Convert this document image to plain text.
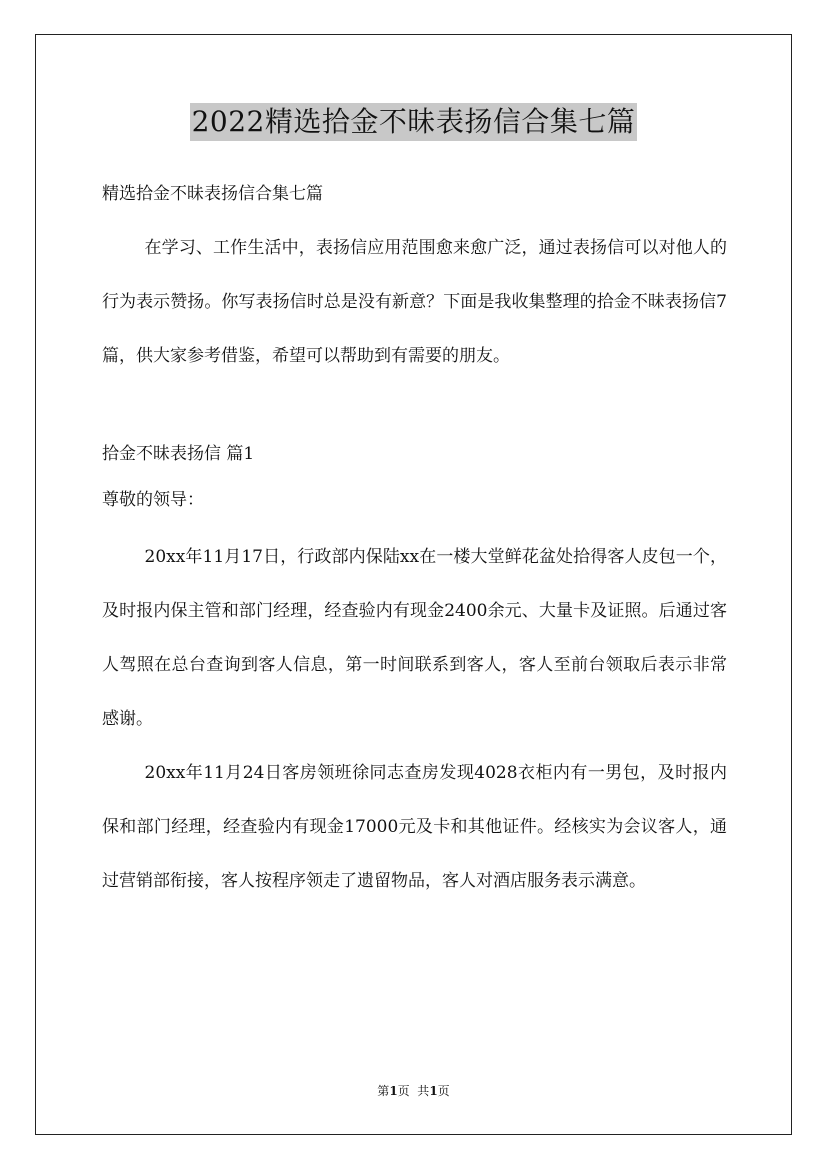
2022精选拾金不昧表扬信合集七篇

精选拾金不昧表扬信合集七篇

在学习、工作生活中，表扬信应用范围愈来愈广泛，通过表扬信可以对他人的行为表示赞扬。你写表扬信时总是没有新意？下面是我收集整理的拾金不昧表扬信7篇，供大家参考借鉴，希望可以帮助到有需要的朋友。

拾金不昧表扬信 篇1

尊敬的领导：

20xx年11月17日，行政部内保陆xx在一楼大堂鲜花盆处拾得客人皮包一个，及时报内保主管和部门经理，经查验内有现金2400余元、大量卡及证照。后通过客人驾照在总台查询到客人信息，第一时间联系到客人，客人至前台领取后表示非常感谢。

20xx年11月24日客房领班徐同志查房发现4028衣柜内有一男包，及时报内保和部门经理，经查验内有现金17000元及卡和其他证件。经核实为会议客人，通过营销部衔接，客人按程序领走了遗留物品，客人对酒店服务表示满意。

第1页  共1页
